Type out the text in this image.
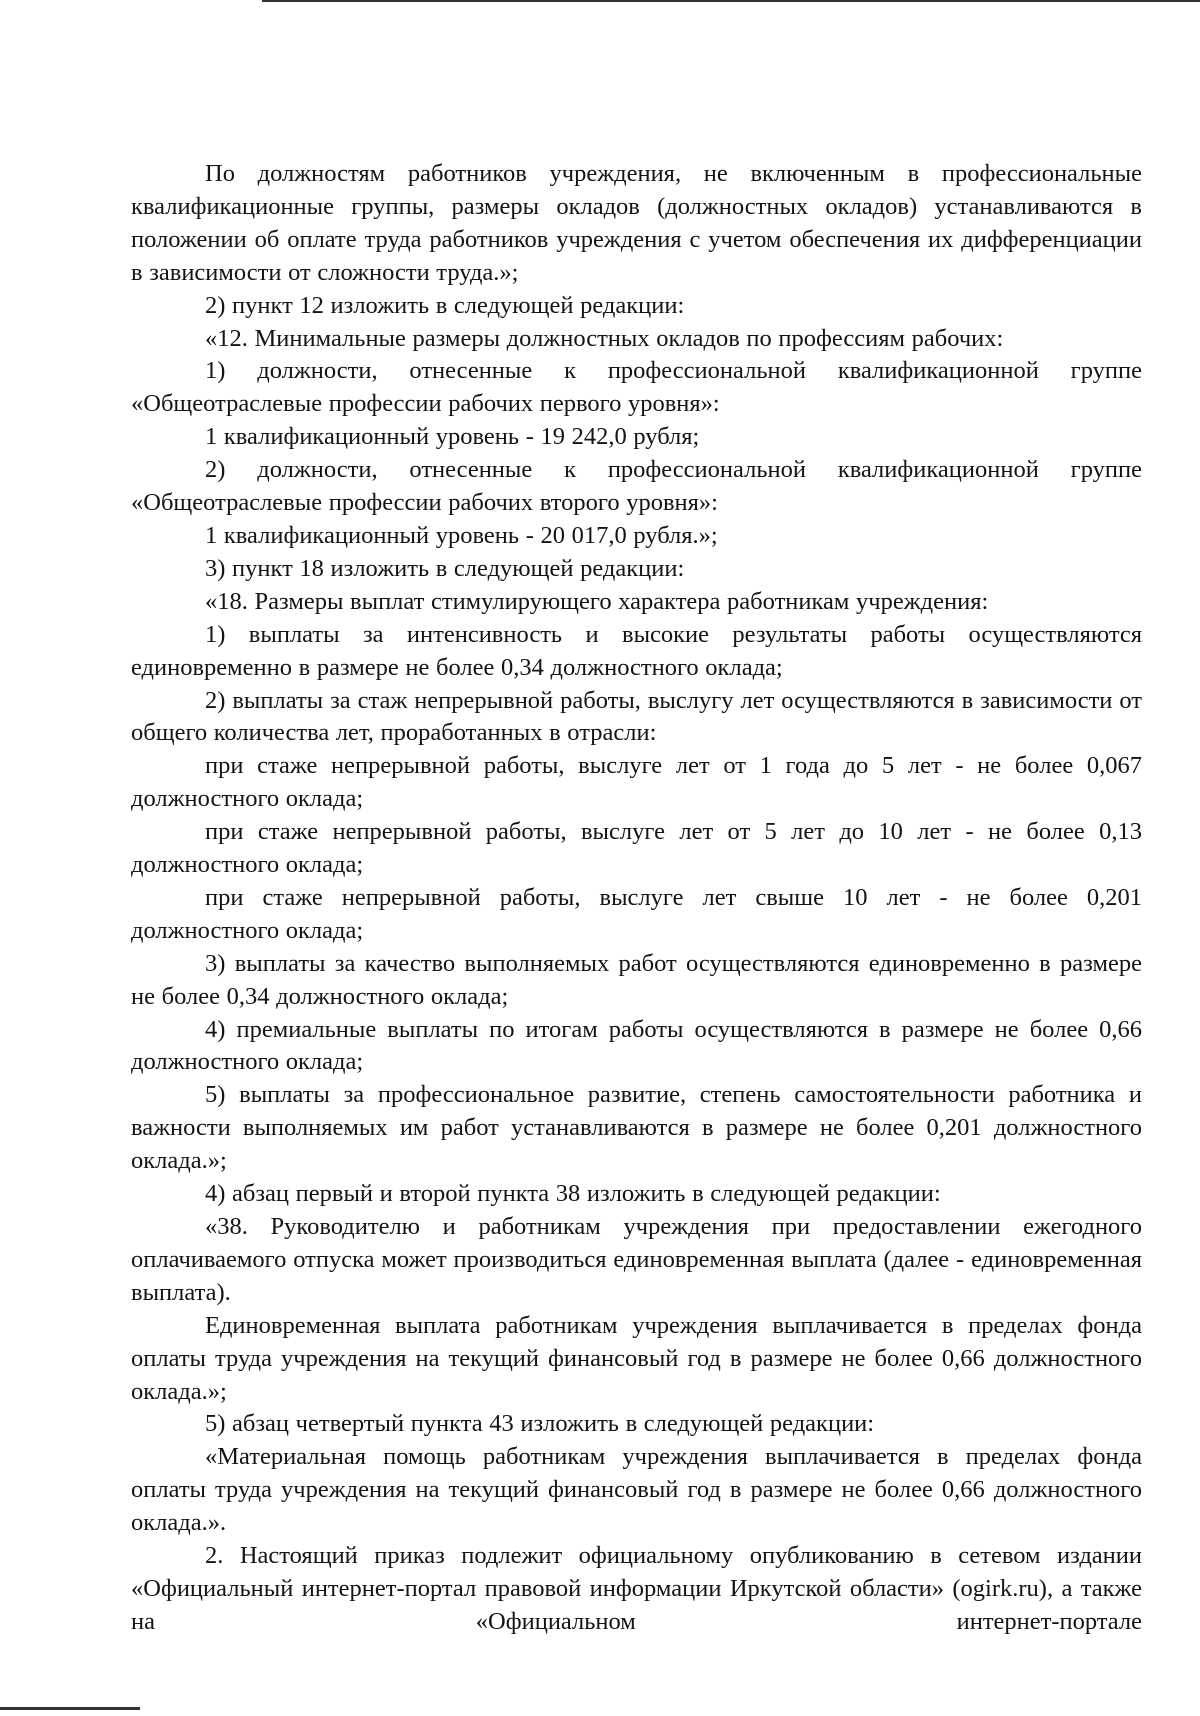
По должностям работников учреждения, не включенным в профессиональные квалификационные группы, размеры окладов (должностных окладов) устанавливаются в положении об оплате труда работников учреждения с учетом обеспечения их дифференциации в зависимости от сложности труда.»;

2) пункт 12 изложить в следующей редакции:

«12. Минимальные размеры должностных окладов по профессиям рабочих:

1) должности, отнесенные к профессиональной квалификационной группе «Общеотраслевые профессии рабочих первого уровня»:

1 квалификационный уровень - 19 242,0 рубля;

2) должности, отнесенные к профессиональной квалификационной группе «Общеотраслевые профессии рабочих второго уровня»:

1 квалификационный уровень - 20 017,0 рубля.»;

3) пункт 18 изложить в следующей редакции:

«18. Размеры выплат стимулирующего характера работникам учреждения:

1) выплаты за интенсивность и высокие результаты работы осуществляются единовременно в размере не более 0,34 должностного оклада;

2) выплаты за стаж непрерывной работы, выслугу лет осуществляются в зависимости от общего количества лет, проработанных в отрасли:

при стаже непрерывной работы, выслуге лет от 1 года до 5 лет - не более 0,067 должностного оклада;

при стаже непрерывной работы, выслуге лет от 5 лет до 10 лет - не более 0,13 должностного оклада;

при стаже непрерывной работы, выслуге лет свыше 10 лет - не более 0,201 должностного оклада;

3) выплаты за качество выполняемых работ осуществляются единовременно в размере не более 0,34 должностного оклада;

4) премиальные выплаты по итогам работы осуществляются в размере не более 0,66 должностного оклада;

5) выплаты за профессиональное развитие, степень самостоятельности работника и важности выполняемых им работ устанавливаются в размере не более 0,201 должностного оклада.»;

4) абзац первый и второй пункта 38 изложить в следующей редакции:

«38. Руководителю и работникам учреждения при предоставлении ежегодного оплачиваемого отпуска может производиться единовременная выплата (далее - единовременная выплата).

Единовременная выплата работникам учреждения выплачивается в пределах фонда оплаты труда учреждения на текущий финансовый год в размере не более 0,66 должностного оклада.»;

5) абзац четвертый пункта 43 изложить в следующей редакции:

«Материальная помощь работникам учреждения выплачивается в пределах фонда оплаты труда учреждения на текущий финансовый год в размере не более 0,66 должностного оклада.».

2. Настоящий приказ подлежит официальному опубликованию в сетевом издании «Официальный интернет-портал правовой информации Иркутской области» (ogirk.ru), а также на «Официальном интернет-портале
